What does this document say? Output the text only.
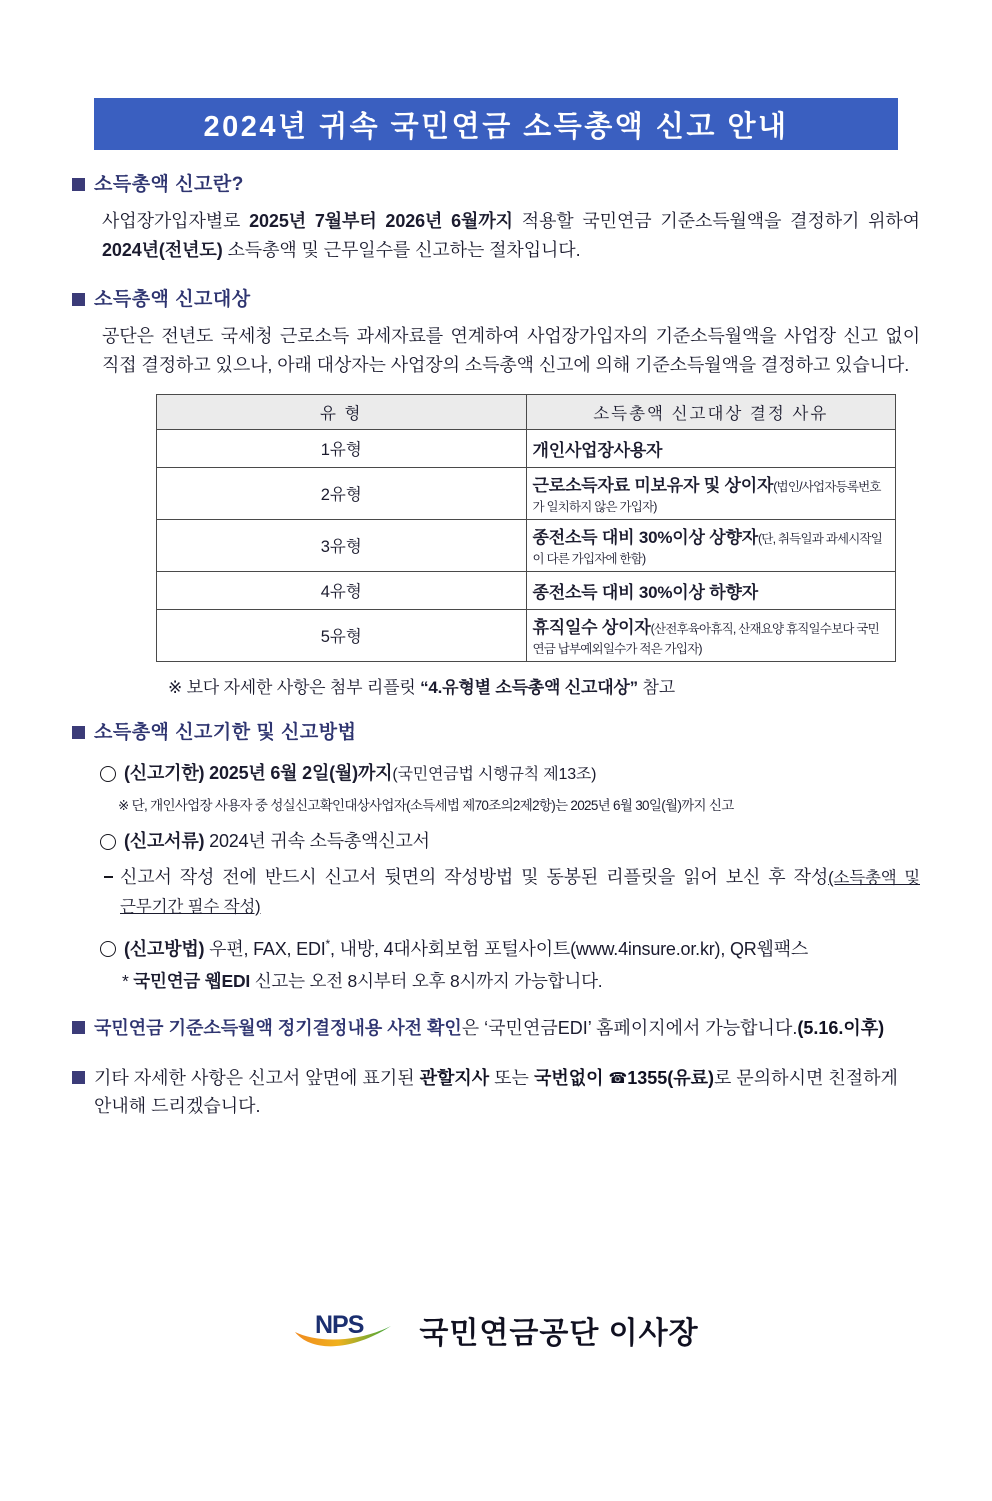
2024년 귀속 국민연금 소득총액 신고 안내
소득총액 신고란?
사업장가입자별로 2025년 7월부터 2026년 6월까지 적용할 국민연금 기준소득월액을 결정하기 위하여 2024년(전년도) 소득총액 및 근무일수를 신고하는 절차입니다.
소득총액 신고대상
공단은 전년도 국세청 근로소득 과세자료를 연계하여 사업장가입자의 기준소득월액을 사업장 신고 없이 직접 결정하고 있으나, 아래 대상자는 사업장의 소득총액 신고에 의해 기준소득월액을 결정하고 있습니다.
유 형	소득총액 신고대상 결정 사유
1유형	개인사업장사용자
2유형	근로소득자료 미보유자 및 상이자(법인/사업자등록번호가 일치하지 않은 가입자)
3유형	종전소득 대비 30%이상 상향자(단, 취득일과 과세시작일이 다른 가입자에 한함)
4유형	종전소득 대비 30%이상 하향자
5유형	휴직일수 상이자(산전후육아휴직, 산재요양 휴직일수보다 국민연금 납부예외일수가 적은 가입자)
※ 보다 자세한 사항은 첨부 리플릿 “4.유형별 소득총액 신고대상” 참고
소득총액 신고기한 및 신고방법
(신고기한) 2025년 6월 2일(월)까지(국민연금법 시행규칙 제13조)
※ 단, 개인사업장 사용자 중 성실신고확인대상사업자(소득세법 제70조의2제2항)는 2025년 6월 30일(월)까지 신고
(신고서류) 2024년 귀속 소득총액신고서
신고서 작성 전에 반드시 신고서 뒷면의 작성방법 및 동봉된 리플릿을 읽어 보신 후 작성(소득총액 및 근무기간 필수 작성)
(신고방법) 우편, FAX, EDI*, 내방, 4대사회보험 포털사이트(www.4insure.or.kr), QR웹팩스
* 국민연금 웹EDI 신고는 오전 8시부터 오후 8시까지 가능합니다.
국민연금 기준소득월액 정기결정내용 사전 확인은 ‘국민연금EDI’ 홈페이지에서 가능합니다.(5.16.이후)
기타 자세한 사항은 신고서 앞면에 표기된 관할지사 또는 국번없이 ☎1355(유료)로 문의하시면 친절하게 안내해 드리겠습니다.
NPS 국민연금공단 이사장
